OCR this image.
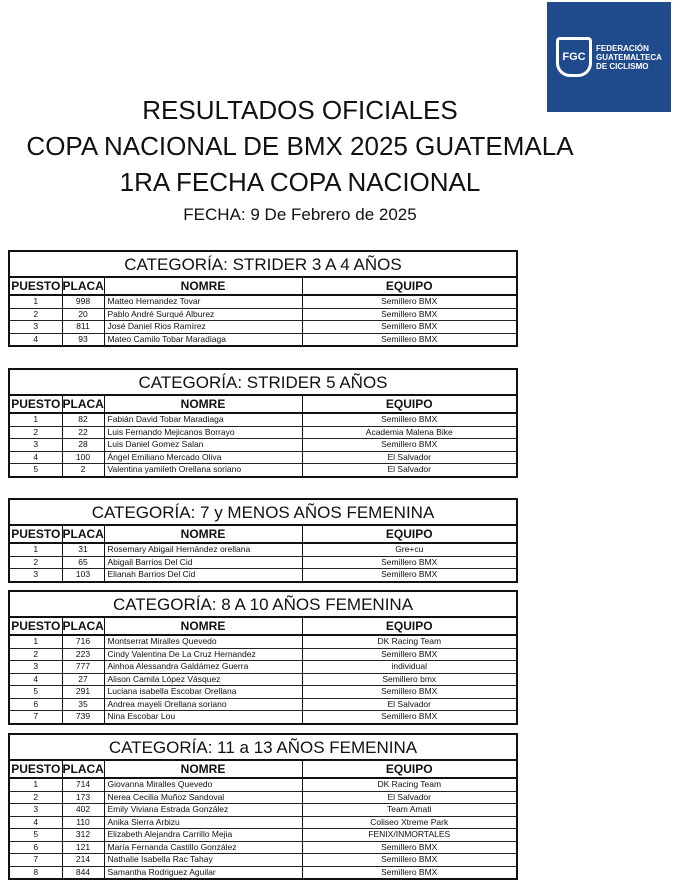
FGC
FEDERACIÓN
GUATEMALTECA
DE CICLISMO
RESULTADOS OFICIALES
COPA NACIONAL DE BMX 2025 GUATEMALA
1RA FECHA COPA NACIONAL
FECHA: 9 De Febrero de 2025
CATEGORÍA: STRIDER 3 A 4 AÑOS
PUESTO	PLACA	NOMRE	EQUIPO
1	998	Matteo Hernandez Tovar	Semillero BMX
2	20	Pablo André Surqué Alburez	Semillero BMX
3	811	José Daniel Rios Ramírez	Semillero BMX
4	93	Mateo Camilo Tobar Maradiaga	Semillero BMX
CATEGORÍA: STRIDER 5 AÑOS
PUESTO	PLACA	NOMRE	EQUIPO
1	82	Fabián David Tobar Maradiaga	Semillero BMX
2	22	Luis Fernando Mejicanos Borrayo	Academia Malena Bike
3	28	Luis Daniel Gomez Salan	Semillero BMX
4	100	Ángel Emiliano Mercado Oliva	El Salvador
5	2	Valentina yamileth Orellana soriano	El Salvador
CATEGORÍA: 7 y MENOS AÑOS FEMENINA
PUESTO	PLACA	NOMRE	EQUIPO
1	31	Rosemary Abigail Hernández orellana	Gre+cu
2	65	Abigail Barrios Del Cid	Semillero BMX
3	103	Elianah Barrios Del Cid	Semillero BMX
CATEGORÍA: 8 A 10 AÑOS FEMENINA
PUESTO	PLACA	NOMRE	EQUIPO
1	716	Montserrat Miralles Quevedo	DK Racing Team
2	223	Cindy Valentina De La Cruz Hernandez	Semillero BMX
3	777	Ainhoa Alessandra Galdámez Guerra	individual
4	27	Alison Camila López Vásquez	Semillero bmx
5	291	Luciana isabella Escobar Orellana	Semillero BMX
6	35	Andrea mayeli Orellana soriano	El Salvador
7	739	Nina Escobar Lou	Semillero BMX
CATEGORÍA: 11 a 13 AÑOS FEMENINA
PUESTO	PLACA	NOMRE	EQUIPO
1	714	Giovanna Miralles Quevedo	DK Racing Team
2	173	Nerea Cecilia Muñoz Sandoval	El Salvador
3	402	Emily Viviana Estrada González	Team Amati
4	110	Anika Sierra Arbizu	Coliseo Xtreme Park
5	312	Elizabeth Alejandra Carrillo Mejia	FENIX/INMORTALES
6	121	María Fernanda Castillo González	Semillero BMX
7	214	Nathalie Isabella Rac Tahay	Semillero BMX
8	844	Samantha Rodriguez Aguilar	Semillero BMX
